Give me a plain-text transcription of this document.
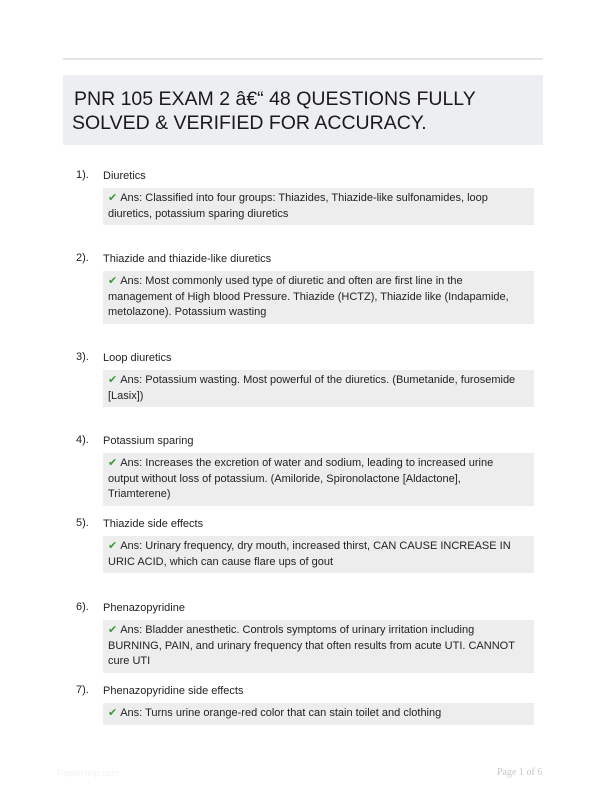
PNR 105 EXAM 2 â€“ 48 QUESTIONS FULLY
SOLVED & VERIFIED FOR ACCURACY.
1). Diuretics
✔ Ans: Classified into four groups: Thiazides, Thiazide-like sulfonamides, loop diuretics, potassium sparing diuretics
2). Thiazide and thiazide-like diuretics
✔ Ans: Most commonly used type of diuretic and often are first line in the management of High blood Pressure. Thiazide (HCTZ), Thiazide like (Indapamide, metolazone). Potassium wasting
3). Loop diuretics
✔ Ans: Potassium wasting. Most powerful of the diuretics. (Bumetanide, furosemide [Lasix])
4). Potassium sparing
✔ Ans: Increases the excretion of water and sodium, leading to increased urine output without loss of potassium. (Amiloride, Spironolactone [Aldactone], Triamterene)
5). Thiazide side effects
✔ Ans: Urinary frequency, dry mouth, increased thirst, CAN CAUSE INCREASE IN URIC ACID, which can cause flare ups of gout
6). Phenazopyridine
✔ Ans: Bladder anesthetic. Controls symptoms of urinary irritation including BURNING, PAIN, and urinary frequency that often results from acute UTI. CANNOT cure UTI
7). Phenazopyridine side effects
✔ Ans: Turns urine orange-red color that can stain toilet and clothing
PaperHelp.com	Page 1 of 6
